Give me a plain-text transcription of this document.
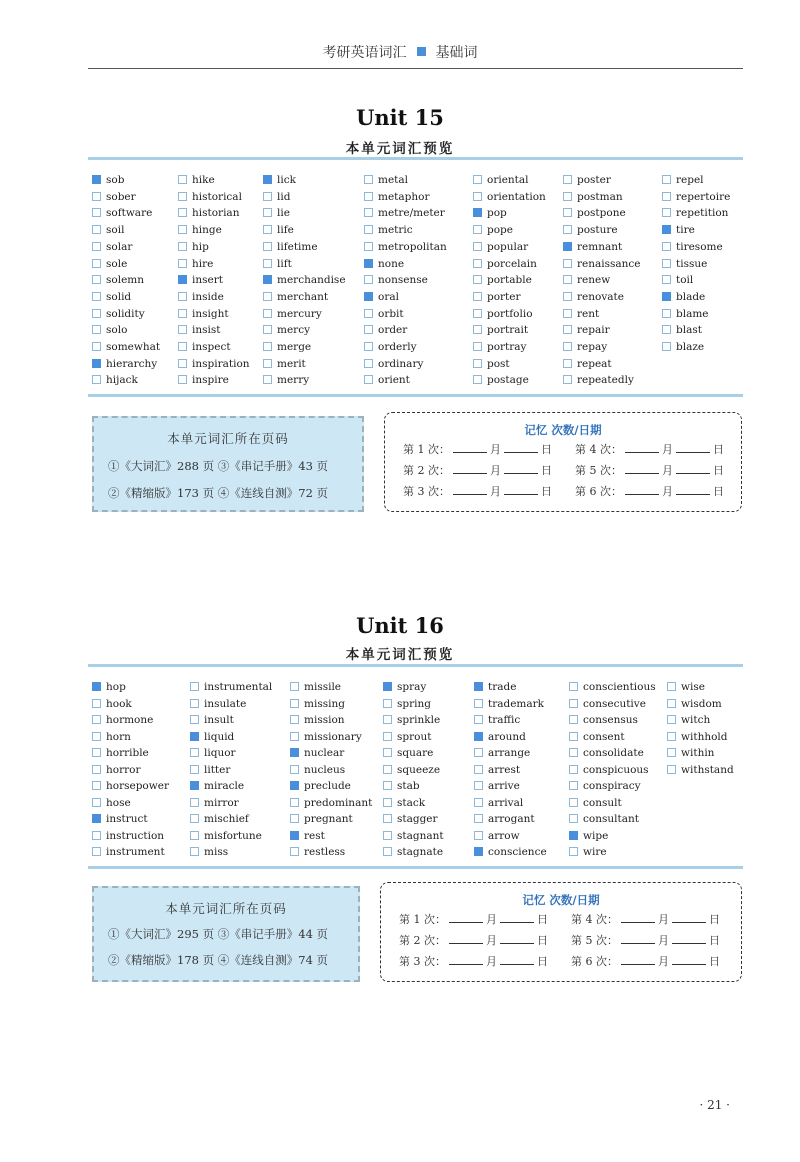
考研英语词汇 基础词
Unit 15
本单元词汇预览
sob
sober
software
soil
solar
sole
solemn
solid
solidity
solo
somewhat
hierarchy
hijack
hike
historical
historian
hinge
hip
hire
insert
inside
insight
insist
inspect
inspiration
inspire
lick
lid
lie
life
lifetime
lift
merchandise
merchant
mercury
mercy
merge
merit
merry
metal
metaphor
metre/meter
metric
metropolitan
none
nonsense
oral
orbit
order
orderly
ordinary
orient
oriental
orientation
pop
pope
popular
porcelain
portable
porter
portfolio
portrait
portray
post
postage
poster
postman
postpone
posture
remnant
renaissance
renew
renovate
rent
repair
repay
repeat
repeatedly
repel
repertoire
repetition
tire
tiresome
tissue
toil
blade
blame
blast
blaze
本单元词汇所在页码
①《大词汇》288 页 ③《串记手册》43 页
②《精缩版》173 页 ④《连线自测》72 页
记忆 次数/日期
第 1 次：	月	日
第 2 次：	月	日
第 3 次：	月	日
第 4 次：	月	日
第 5 次：	月	日
第 6 次：	月	日
Unit 16
本单元词汇预览
hop
hook
hormone
horn
horrible
horror
horsepower
hose
instruct
instruction
instrument
instrumental
insulate
insult
liquid
liquor
litter
miracle
mirror
mischief
misfortune
miss
missile
missing
mission
missionary
nuclear
nucleus
preclude
predominant
pregnant
rest
restless
spray
spring
sprinkle
sprout
square
squeeze
stab
stack
stagger
stagnant
stagnate
trade
trademark
traffic
around
arrange
arrest
arrive
arrival
arrogant
arrow
conscience
conscientious
consecutive
consensus
consent
consolidate
conspicuous
conspiracy
consult
consultant
wipe
wire
wise
wisdom
witch
withhold
within
withstand
本单元词汇所在页码
①《大词汇》295 页 ③《串记手册》44 页
②《精缩版》178 页 ④《连线自测》74 页
记忆 次数/日期
第 1 次：	月	日
第 2 次：	月	日
第 3 次：	月	日
第 4 次：	月	日
第 5 次：	月	日
第 6 次：	月	日
· 21 ·
